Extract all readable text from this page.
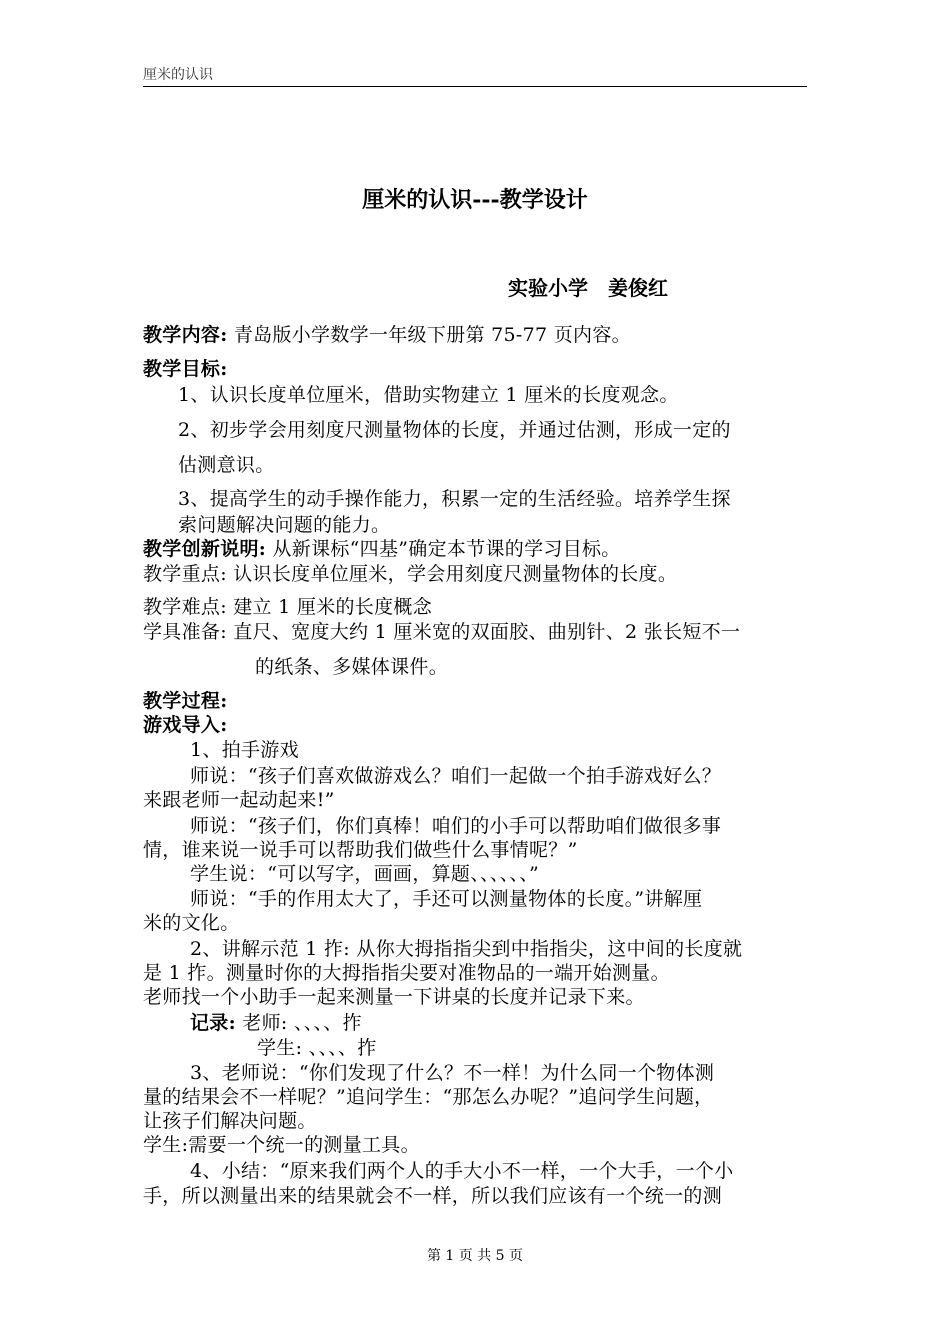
厘米的认识
厘米的认识---教学设计
实验小学　姜俊红
教学内容: 青岛版小学数学一年级下册第 75-77 页内容。
教学目标:
1、认识长度单位厘米，借助实物建立 1 厘米的长度观念。
2、初步学会用刻度尺测量物体的长度，并通过估测，形成一定的
估测意识。
3、提高学生的动手操作能力，积累一定的生活经验。培养学生探
索问题解决问题的能力。
教学创新说明: 从新课标“四基”确定本节课的学习目标。
教学重点: 认识长度单位厘米，学会用刻度尺测量物体的长度。
教学难点: 建立 1 厘米的长度概念
学具准备: 直尺、宽度大约 1 厘米宽的双面胶、曲别针、2 张长短不一
的纸条、多媒体课件。
教学过程:
游戏导入:
1、拍手游戏
师说：“孩子们喜欢做游戏么？咱们一起做一个拍手游戏好么？
来跟老师一起动起来!”
师说：“孩子们，你们真棒！咱们的小手可以帮助咱们做很多事
情，谁来说一说手可以帮助我们做些什么事情呢？”
学生说：“可以写字，画画，算题、、、、、、”
师说：“手的作用太大了，手还可以测量物体的长度。”讲解厘
米的文化。
2、讲解示范 1 拃: 从你大拇指指尖到中指指尖，这中间的长度就
是 1 拃。测量时你的大拇指指尖要对准物品的一端开始测量。
老师找一个小助手一起来测量一下讲桌的长度并记录下来。
记录: 老师: 、、、、拃
学生: 、、、、拃
3、老师说：“你们发现了什么？不一样！为什么同一个物体测
量的结果会不一样呢？”追问学生：“那怎么办呢？”追问学生问题，
让孩子们解决问题。
学生:需要一个统一的测量工具。
4、小结：“原来我们两个人的手大小不一样，一个大手，一个小
手，所以测量出来的结果就会不一样，所以我们应该有一个统一的测
第 1 页 共 5 页
